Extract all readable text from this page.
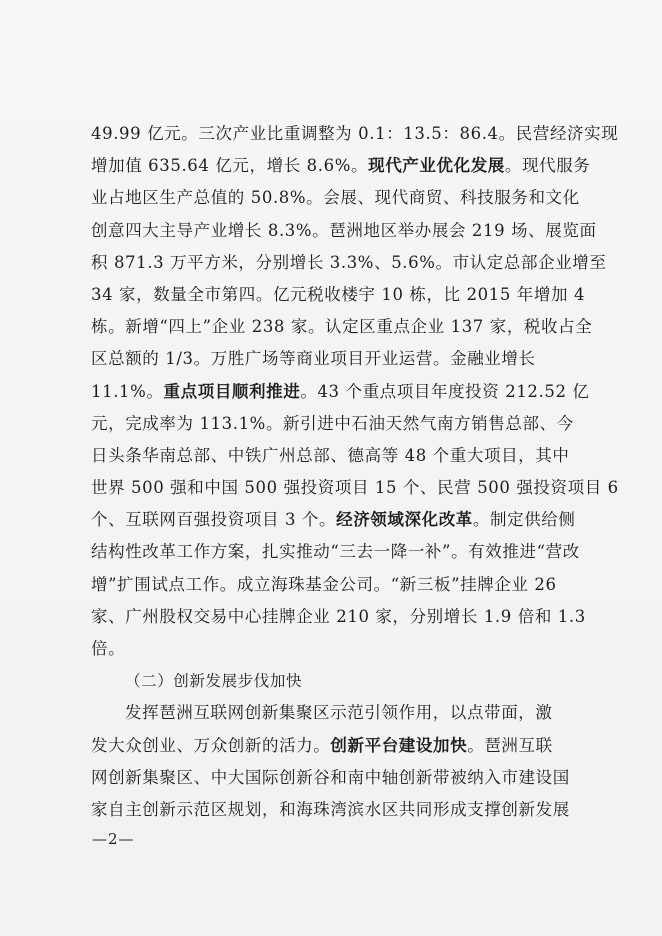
49.99 亿元。三次产业比重调整为 0.1：13.5：86.4。民营经济实现
增加值 635.64 亿元，增长 8.6%。现代产业优化发展。现代服务
业占地区生产总值的 50.8%。会展、现代商贸、科技服务和文化
创意四大主导产业增长 8.3%。琶洲地区举办展会 219 场、展览面
积 871.3 万平方米，分别增长 3.3%、5.6%。市认定总部企业增至
34 家，数量全市第四。亿元税收楼宇 10 栋，比 2015 年增加 4
栋。新增“四上”企业 238 家。认定区重点企业 137 家，税收占全
区总额的 1/3。万胜广场等商业项目开业运营。金融业增长
11.1%。重点项目顺利推进。43 个重点项目年度投资 212.52 亿
元，完成率为 113.1%。新引进中石油天然气南方销售总部、今
日头条华南总部、中铁广州总部、德高等 48 个重大项目，其中
世界 500 强和中国 500 强投资项目 15 个、民营 500 强投资项目 6
个、互联网百强投资项目 3 个。经济领域深化改革。制定供给侧
结构性改革工作方案，扎实推动“三去一降一补”。有效推进“营改
增”扩围试点工作。成立海珠基金公司。“新三板”挂牌企业 26
家、广州股权交易中心挂牌企业 210 家，分别增长 1.9 倍和 1.3
倍。
（二）创新发展步伐加快
发挥琶洲互联网创新集聚区示范引领作用，以点带面，激
发大众创业、万众创新的活力。创新平台建设加快。琶洲互联
网创新集聚区、中大国际创新谷和南中轴创新带被纳入市建设国
家自主创新示范区规划，和海珠湾滨水区共同形成支撑创新发展
—2—
